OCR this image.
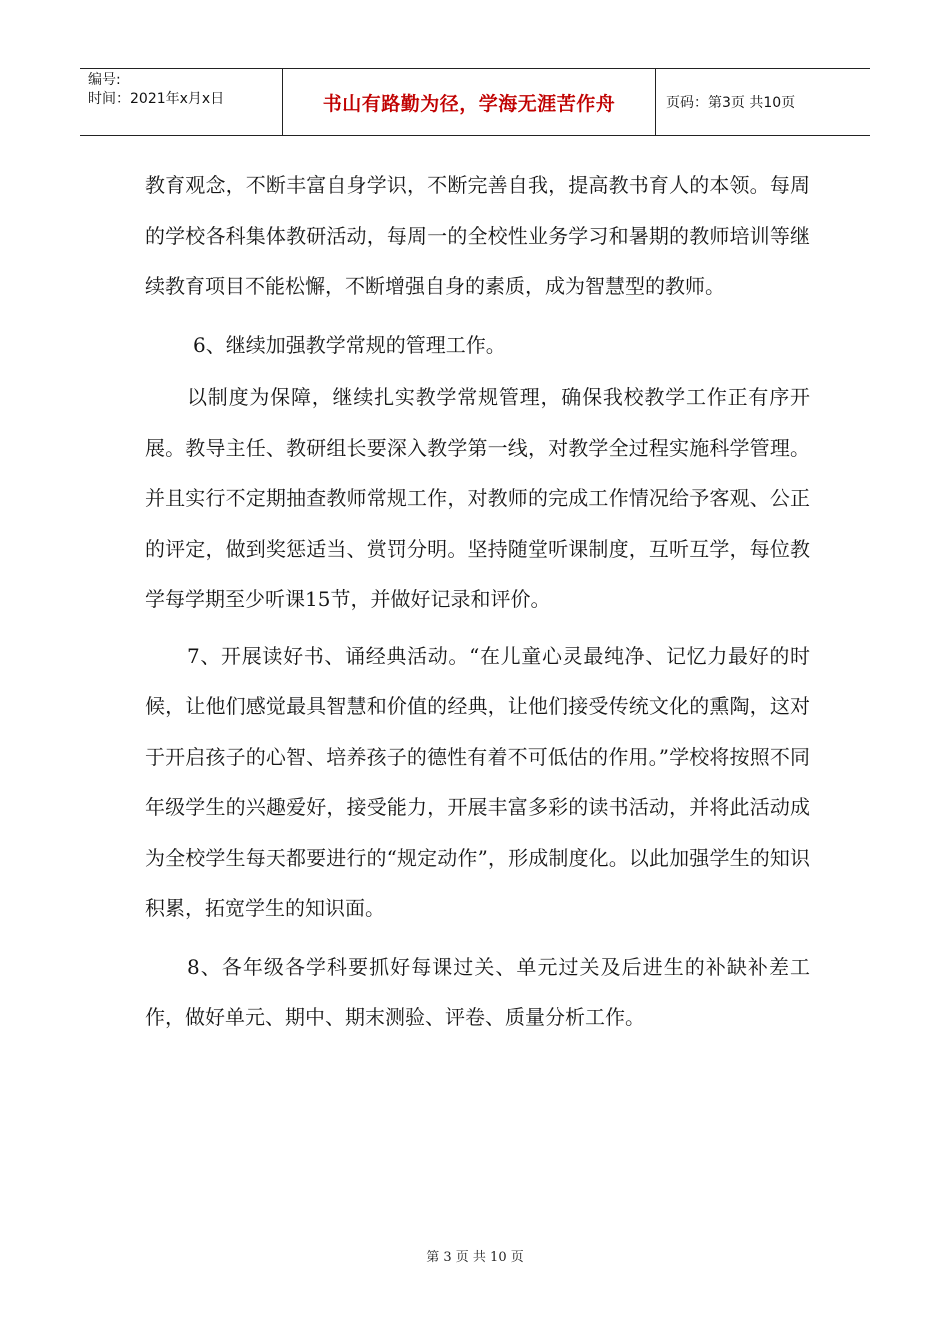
编号:
时间：2021年x月x日	书山有路勤为径，学海无涯苦作舟	页码：第3页 共10页

教育观念，不断丰富自身学识，不断完善自我，提高教书育人的本领。每周的学校各科集体教研活动，每周一的全校性业务学习和暑期的教师培训等继续教育项目不能松懈，不断增强自身的素质，成为智慧型的教师。

6、继续加强教学常规的管理工作。

以制度为保障，继续扎实教学常规管理，确保我校教学工作正有序开展。教导主任、教研组长要深入教学第一线，对教学全过程实施科学管理。并且实行不定期抽查教师常规工作，对教师的完成工作情况给予客观、公正的评定，做到奖惩适当、赏罚分明。坚持随堂听课制度，互听互学，每位教学每学期至少听课15节，并做好记录和评价。

7、开展读好书、诵经典活动。“在儿童心灵最纯净、记忆力最好的时候，让他们感觉最具智慧和价值的经典，让他们接受传统文化的熏陶，这对于开启孩子的心智、培养孩子的德性有着不可低估的作用。”学校将按照不同年级学生的兴趣爱好，接受能力，开展丰富多彩的读书活动，并将此活动成为全校学生每天都要进行的“规定动作”，形成制度化。以此加强学生的知识积累，拓宽学生的知识面。

8、各年级各学科要抓好每课过关、单元过关及后进生的补缺补差工作，做好单元、期中、期末测验、评卷、质量分析工作。

第 3 页 共 10 页
